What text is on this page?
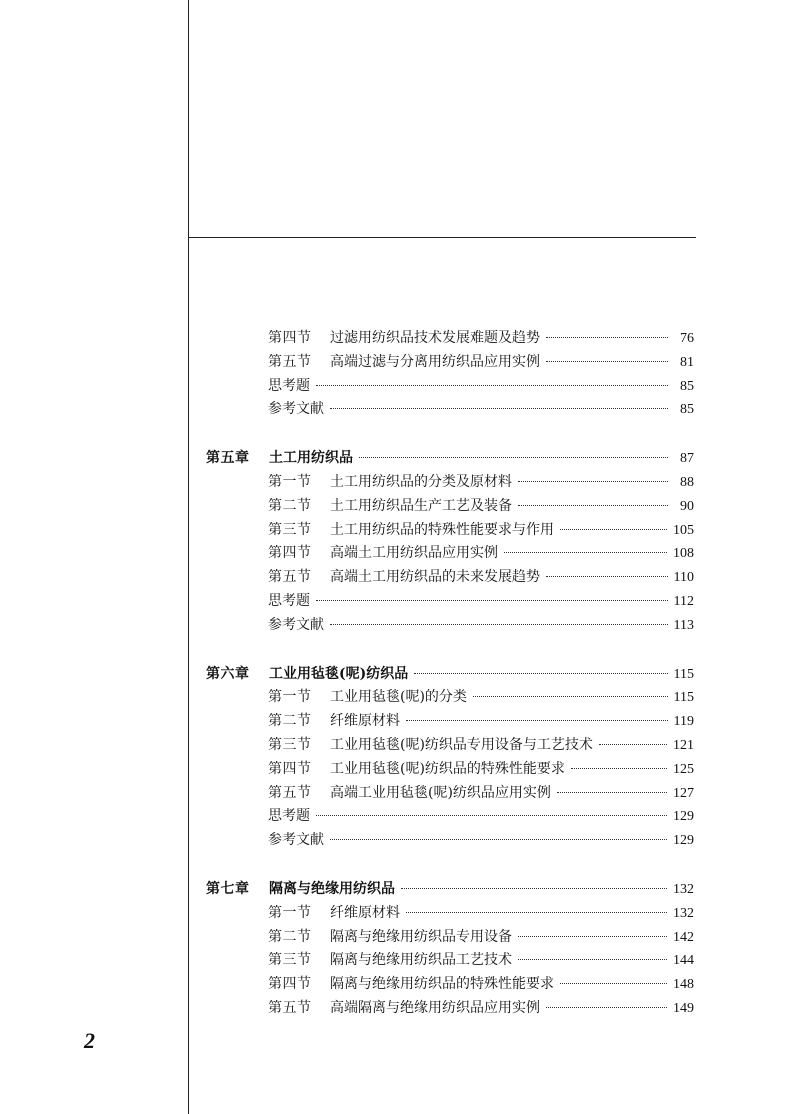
第四节	过滤用纺织品技术发展难题及趋势	76
第五节	高端过滤与分离用纺织品应用实例	81
思考题	85
参考文献	85
第五章	土工用纺织品	87
第一节	土工用纺织品的分类及原材料	88
第二节	土工用纺织品生产工艺及装备	90
第三节	土工用纺织品的特殊性能要求与作用	105
第四节	高端土工用纺织品应用实例	108
第五节	高端土工用纺织品的未来发展趋势	110
思考题	112
参考文献	113
第六章	工业用毡毯(呢)纺织品	115
第一节	工业用毡毯(呢)的分类	115
第二节	纤维原材料	119
第三节	工业用毡毯(呢)纺织品专用设备与工艺技术	121
第四节	工业用毡毯(呢)纺织品的特殊性能要求	125
第五节	高端工业用毡毯(呢)纺织品应用实例	127
思考题	129
参考文献	129
第七章	隔离与绝缘用纺织品	132
第一节	纤维原材料	132
第二节	隔离与绝缘用纺织品专用设备	142
第三节	隔离与绝缘用纺织品工艺技术	144
第四节	隔离与绝缘用纺织品的特殊性能要求	148
第五节	高端隔离与绝缘用纺织品应用实例	149
2
